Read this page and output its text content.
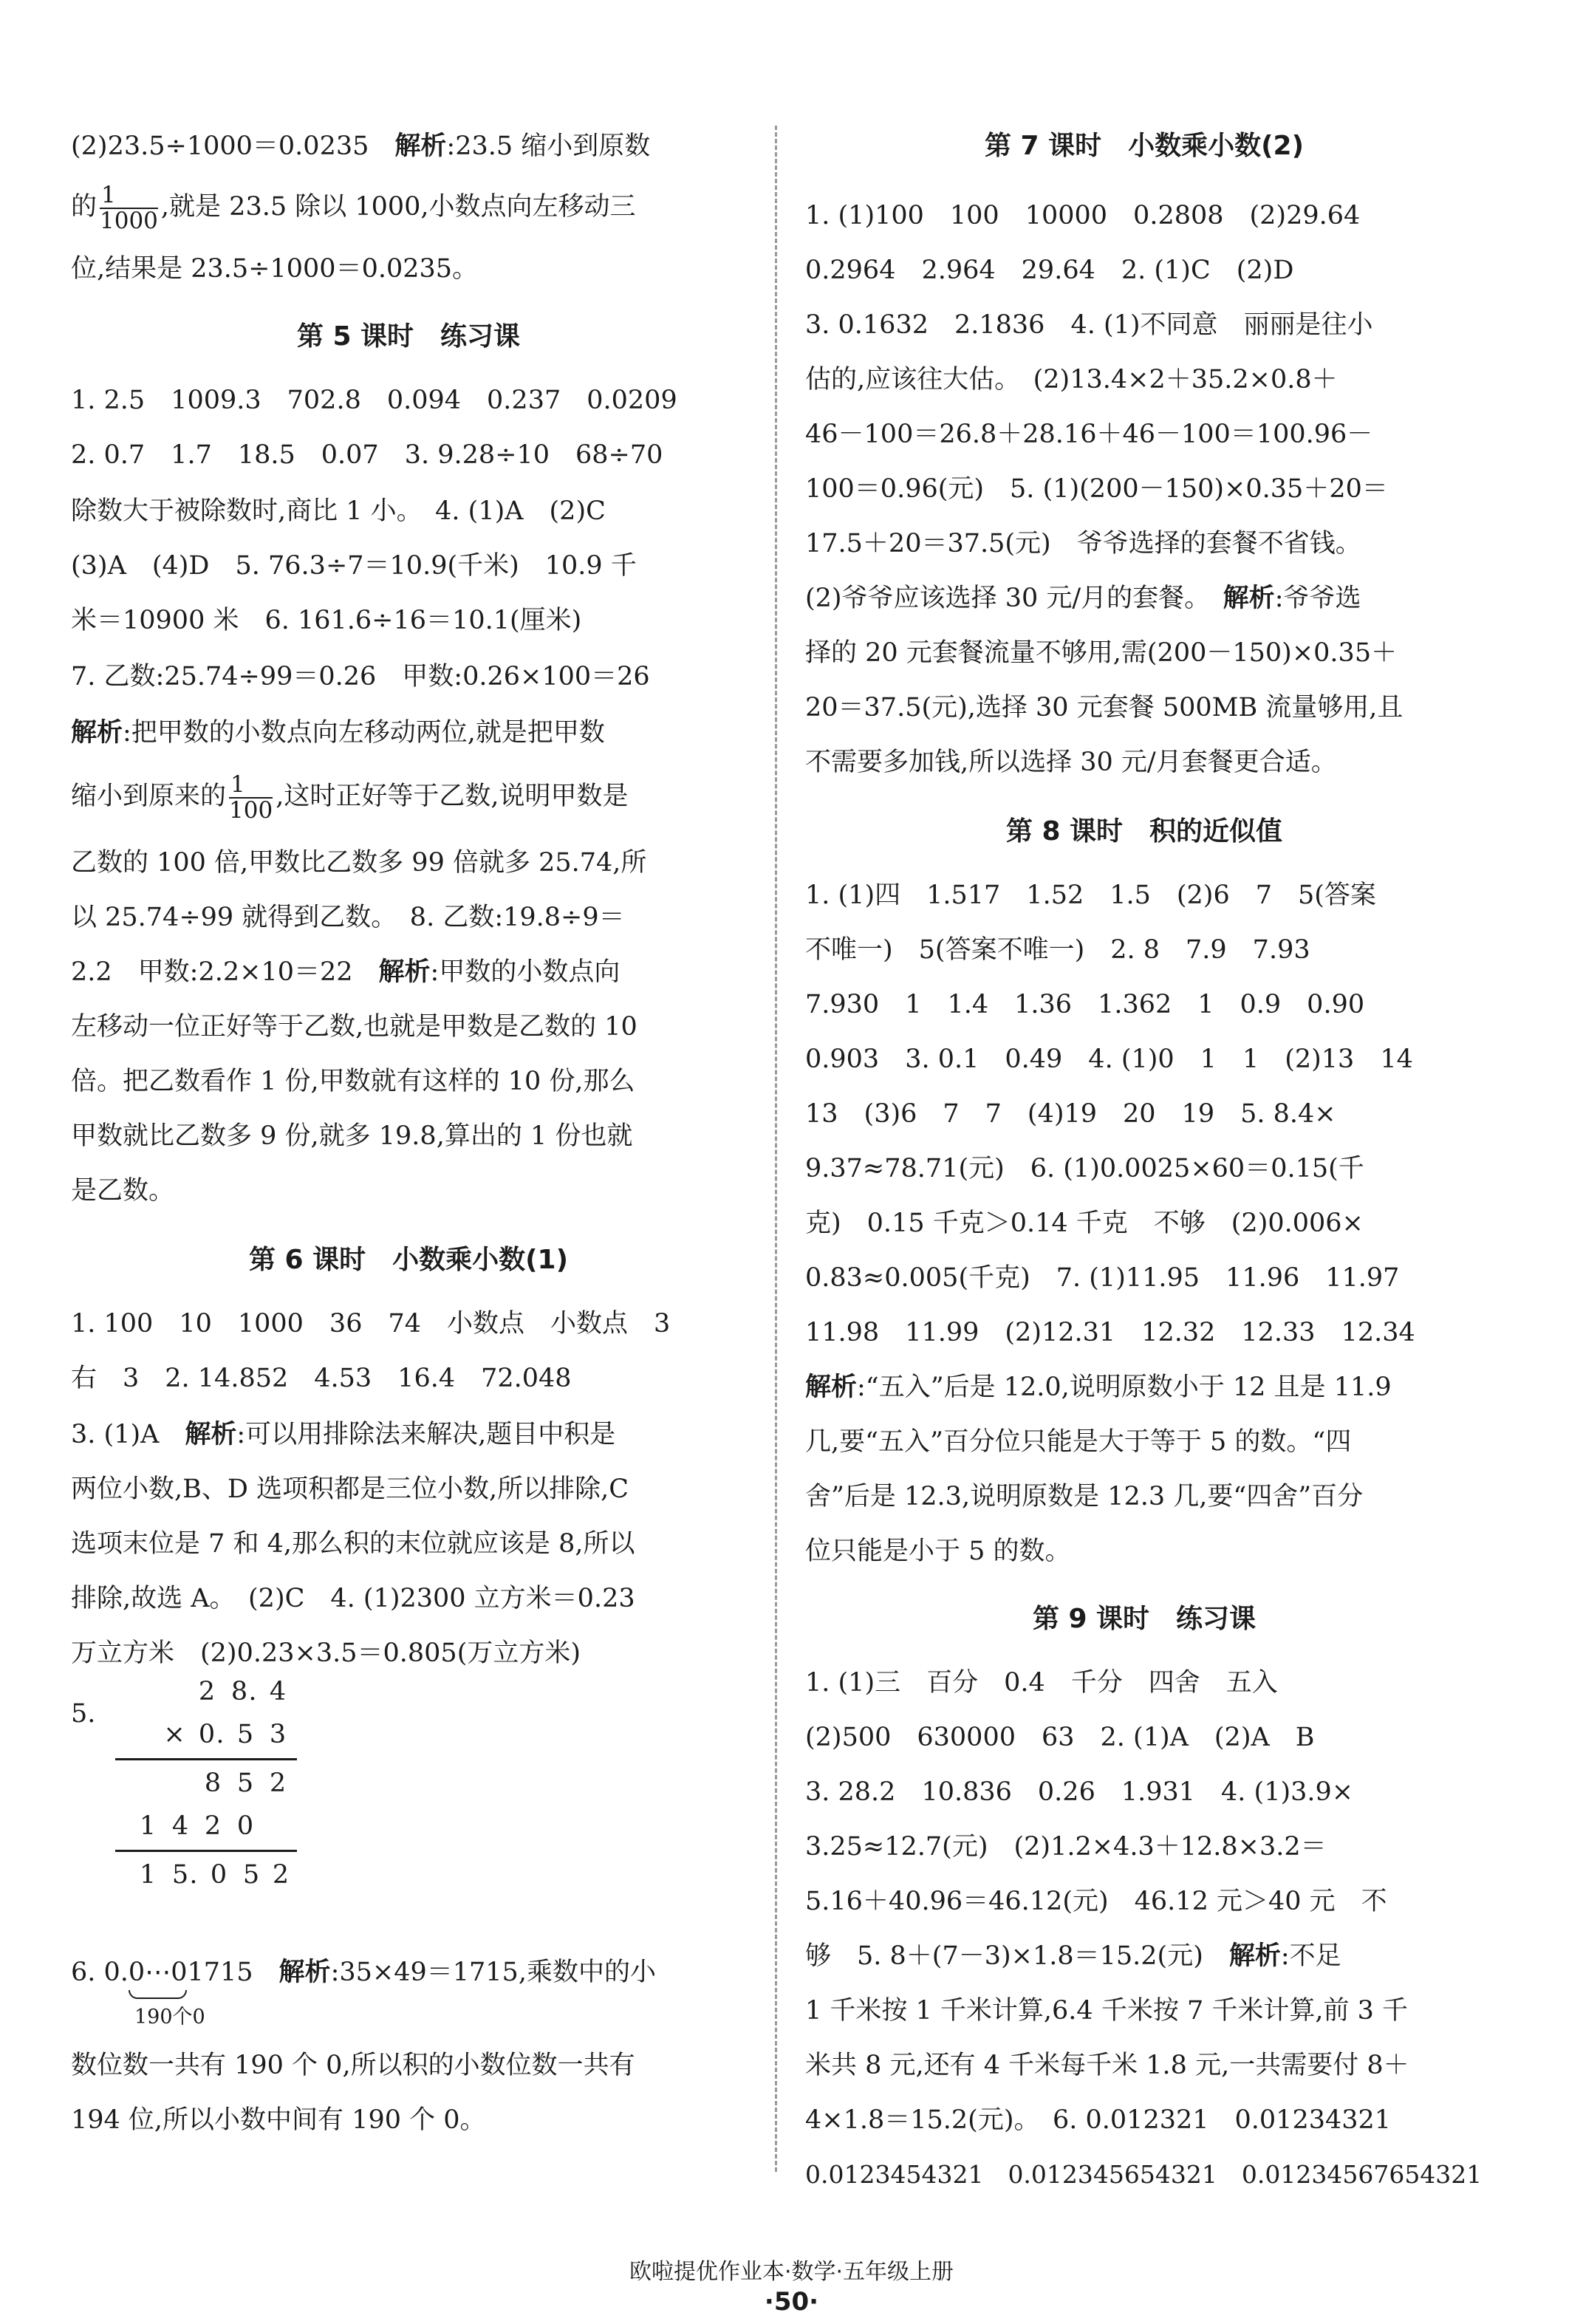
(2)23.5÷1000＝0.0235　 解析:23.5 缩小到原数
的 $\frac{1}{1000}$ ,就是 23.5 除以 1000,小数点向左移动三
位,结果是 23.5÷1000＝0.0235。
第 5 课时　练习课
1. 2.5　1009.3　702.8　0.094　0.237　0.0209
2. 0.7　1.7　18.5　0.07　3. 9.28÷10　68÷70
除数大于被除数时,商比 1 小。　4. (1)A　(2)C
(3)A　(4)D　5. 76.3÷7＝10.9(千米)　10.9 千
米＝10900 米　6. 161.6÷16＝10.1(厘米)
7. 乙数:25.74÷99＝0.26　甲数:0.26×100＝26
解析:把甲数的小数点向左移动两位,就是把甲数
缩小到原来的 $\frac{1}{100}$ ,这时正好等于乙数,说明甲数是
乙数的 100 倍,甲数比乙数多 99 倍就多 25.74,所
以 25.74÷99 就得到乙数。　8. 乙数:19.8÷9＝
2.2　甲数:2.2×10＝22　解析:甲数的小数点向
左移动一位正好等于乙数,也就是甲数是乙数的 10
倍。把乙数看作 1 份,甲数就有这样的 10 份,那么
甲数就比乙数多 9 份,就多 19.8,算出的 1 份也就
是乙数。
第 6 课时　小数乘小数(1)
1. 100　10　1000　36　74　小数点　小数点　3
右　3　2. 14.852　4.53　16.4　72.048
3. (1)A　解析:可以用排除法来解决,题目中积是
两位小数,B、D 选项积都是三位小数,所以排除,C
选项末位是 7 和 4,那么积的末位就应该是 8,所以
排除,故选 A。　(2)C　4. (1)2300 立方米＝0.23
万立方米　(2)0.23×3.5＝0.805(万立方米)
5.
2 8 . 4
× 0 . 5 3
8 5 2
1 4 2 0
1 5 . 0 5 2
6. 0.0⋯01715　解析:35×49＝1715,乘数中的小
190个0
数位数一共有 190 个 0,所以积的小数位数一共有
194 位,所以小数中间有 190 个 0。
第 7 课时　小数乘小数(2)
1. (1)100　100　10000　0.2808　(2)29.64
0.2964　2.964　29.64　2. (1)C　(2)D
3. 0.1632　2.1836　4. (1)不同意　丽丽是往小
估的,应该往大估。　(2)13.4×2＋35.2×0.8＋
46－100＝26.8＋28.16＋46－100＝100.96－
100＝0.96(元)　5. (1)(200－150)×0.35＋20＝
17.5＋20＝37.5(元)　爷爷选择的套餐不省钱。
(2)爷爷应该选择 30 元/月的套餐。　解析:爷爷选
择的 20 元套餐流量不够用,需(200－150)×0.35＋
20＝37.5(元),选择 30 元套餐 500MB 流量够用,且
不需要多加钱,所以选择 30 元/月套餐更合适。
第 8 课时　积的近似值
1. (1)四　1.517　1.52　1.5　(2)6　7　5(答案
不唯一)　5(答案不唯一)　2. 8　7.9　7.93
7.930　1　1.4　1.36　1.362　1　0.9　0.90
0.903　3. 0.1　0.49　4. (1)0　1　1　(2)13　14
13　(3)6　7　7　(4)19　20　19　5. 8.4×
9.37≈78.71(元)　6. (1)0.0025×60＝0.15(千
克)　0.15 千克＞0.14 千克　不够　(2)0.006×
0.83≈0.005(千克)　7. (1)11.95　11.96　11.97
11.98　11.99　(2)12.31　12.32　12.33　12.34
解析:“五入”后是 12.0,说明原数小于 12 且是 11.9
几,要“五入”百分位只能是大于等于 5 的数。“四
舍”后是 12.3,说明原数是 12.3 几,要“四舍”百分
位只能是小于 5 的数。
第 9 课时　练习课
1. (1)三　百分　0.4　千分　四舍　五入
(2)500　630000　63　2. (1)A　(2)A　B
3. 28.2　10.836　0.26　1.931　4. (1)3.9×
3.25≈12.7(元)　(2)1.2×4.3＋12.8×3.2＝
5.16＋40.96＝46.12(元)　46.12 元＞40 元　不
够　5. 8＋(7－3)×1.8＝15.2(元)　解析:不足
1 千米按 1 千米计算,6.4 千米按 7 千米计算,前 3 千
米共 8 元,还有 4 千米每千米 1.8 元,一共需要付 8＋
4×1.8＝15.2(元)。　6. 0.012321　0.01234321
0.0123454321　0.012345654321　0.01234567654321
欧啦提优作业本·数学·五年级上册
·50·
